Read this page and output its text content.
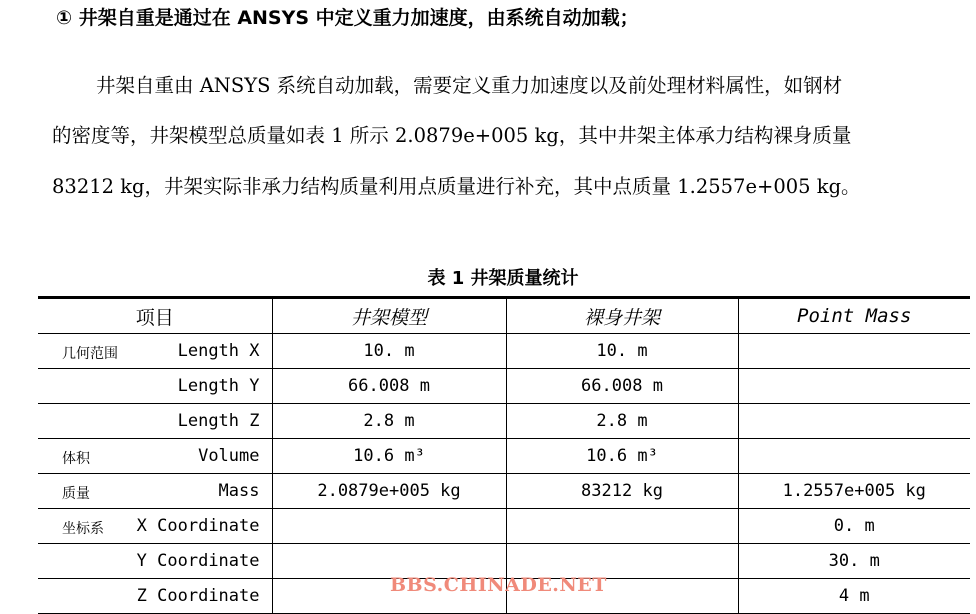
① 井架自重是通过在 ANSYS 中定义重力加速度，由系统自动加载；
井架自重由 ANSYS 系统自动加载，需要定义重力加速度以及前处理材料属性，如钢材
的密度等，井架模型总质量如表 1 所示 2.0879e+005 kg，其中井架主体承力结构裸身质量
83212 kg，井架实际非承力结构质量利用点质量进行补充，其中点质量 1.2557e+005 kg。
表 1 井架质量统计
项目	井架模型	裸身井架	Point Mass

几何范围 Length X	10. m	10. m	

Length Y	66.008 m	66.008 m	

Length Z	2.8 m	2.8 m	

体积 Volume	10.6 m³	10.6 m³	

质量 Mass	2.0879e+005 kg	83212 kg	1.2557e+005 kg

坐标系 X Coordinate			0. m

Y Coordinate			30. m

Z Coordinate			4 m
BBS.CHINADE.NET
